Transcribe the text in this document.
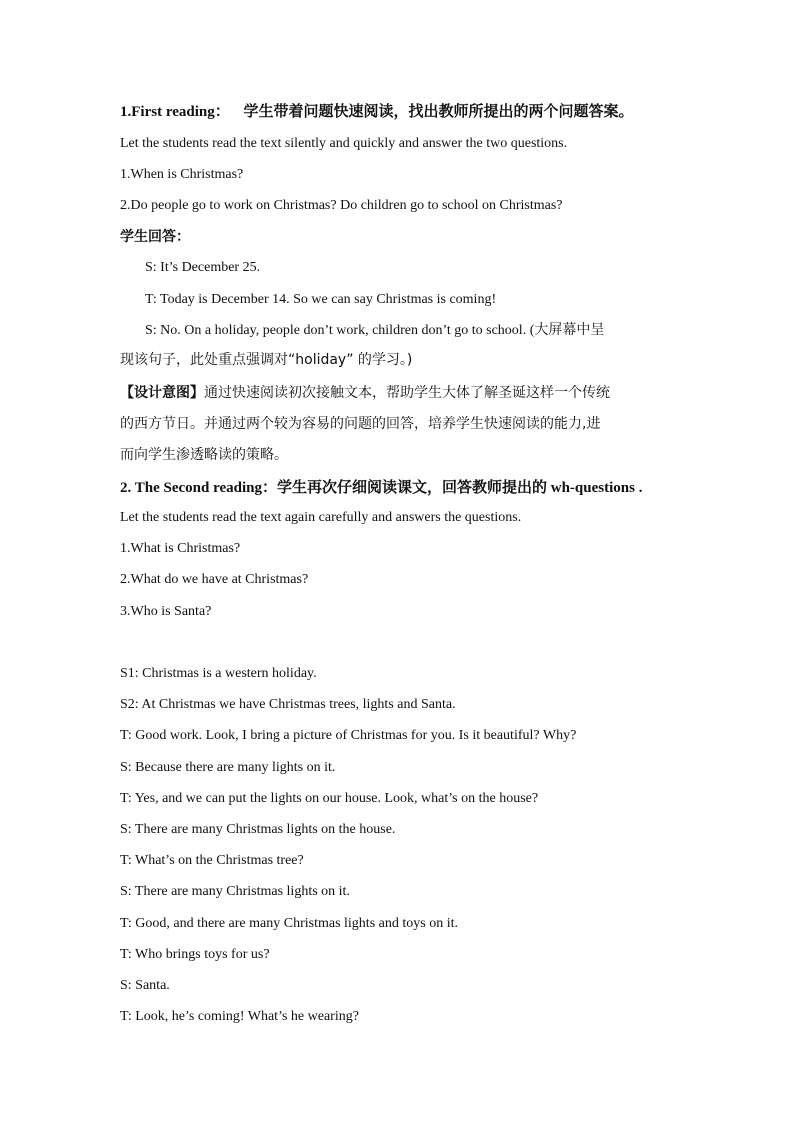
1.First reading： 学生带着问题快速阅读，找出教师所提出的两个问题答案。
Let the students read the text silently and quickly and answer the two questions.
1.When is Christmas?
2.Do people go to work on Christmas? Do children go to school on Christmas?
学生回答：
S: It’s December 25.
T: Today is December 14. So we can say Christmas is coming!
S: No. On a holiday, people don’t work, children don’t go to school. (大屏幕中呈
现该句子，此处重点强调对“holiday” 的学习。)
【设计意图】通过快速阅读初次接触文本，帮助学生大体了解圣诞这样一个传统
的西方节日。并通过两个较为容易的问题的回答，培养学生快速阅读的能力,进
而向学生渗透略读的策略。
2. The Second reading：学生再次仔细阅读课文，回答教师提出的 wh-questions .
Let the students read the text again carefully and answers the questions.
1.What is Christmas?
2.What do we have at Christmas?
3.Who is Santa?
S1: Christmas is a western holiday.
S2: At Christmas we have Christmas trees, lights and Santa.
T: Good work. Look, I bring a picture of Christmas for you. Is it beautiful? Why?
S: Because there are many lights on it.
T: Yes, and we can put the lights on our house. Look, what’s on the house?
S: There are many Christmas lights on the house.
T: What’s on the Christmas tree?
S: There are many Christmas lights on it.
T: Good, and there are many Christmas lights and toys on it.
T: Who brings toys for us?
S: Santa.
T: Look, he’s coming! What’s he wearing?
